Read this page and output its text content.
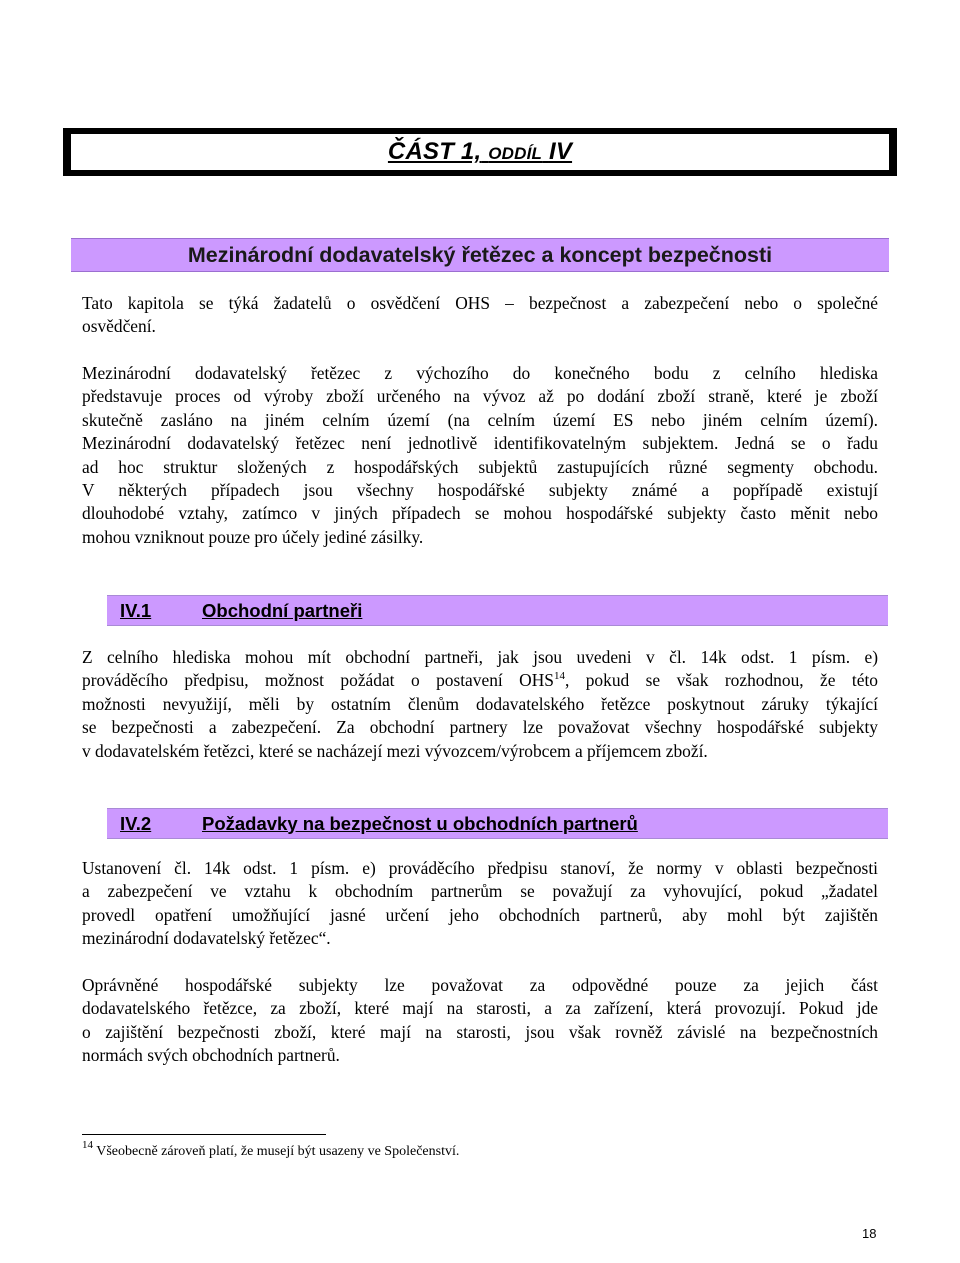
ČÁST 1, ODDÍL IV
Mezinárodní dodavatelský řetězec a koncept bezpečnosti

Tato kapitola se týká žadatelů o osvědčení OHS – bezpečnost a zabezpečení nebo o společné
osvědčení.

Mezinárodní dodavatelský řetězec z výchozího do konečného bodu z celního hlediska
představuje proces od výroby zboží určeného na vývoz až po dodání zboží straně, které je zboží
skutečně zasláno na jiném celním území (na celním území ES nebo jiném celním území).
Mezinárodní dodavatelský řetězec není jednotlivě identifikovatelným subjektem. Jedná se o řadu
ad hoc struktur složených z hospodářských subjektů zastupujících různé segmenty obchodu.
V některých případech jsou všechny hospodářské subjekty známé a popřípadě existují
dlouhodobé vztahy, zatímco v jiných případech se mohou hospodářské subjekty často měnit nebo
mohou vzniknout pouze pro účely jediné zásilky.

IV.1	Obchodní partneři

Z celního hlediska mohou mít obchodní partneři, jak jsou uvedeni v čl. 14k odst. 1 písm. e)
prováděcího předpisu, možnost požádat o postavení OHS$^{14}$, pokud se však rozhodnou, že této
možnosti nevyužijí, měli by ostatním členům dodavatelského řetězce poskytnout záruky týkající
se bezpečnosti a zabezpečení. Za obchodní partnery lze považovat všechny hospodářské subjekty
v dodavatelském řetězci, které se nacházejí mezi vývozcem/výrobcem a příjemcem zboží.

IV.2	Požadavky na bezpečnost u obchodních partnerů

Ustanovení čl. 14k odst. 1 písm. e) prováděcího předpisu stanoví, že normy v oblasti bezpečnosti
a zabezpečení ve vztahu k obchodním partnerům se považují za vyhovující, pokud „žadatel
provedl opatření umožňující jasné určení jeho obchodních partnerů, aby mohl být zajištěn
mezinárodní dodavatelský řetězec“.

Oprávněné hospodářské subjekty lze považovat za odpovědné pouze za jejich část
dodavatelského řetězce, za zboží, které mají na starosti, a za zařízení, která provozují. Pokud jde
o zajištění bezpečnosti zboží, které mají na starosti, jsou však rovněž závislé na bezpečnostních
normách svých obchodních partnerů.

$^{14}$ Všeobecně zároveň platí, že musejí být usazeny ve Společenství.
18
